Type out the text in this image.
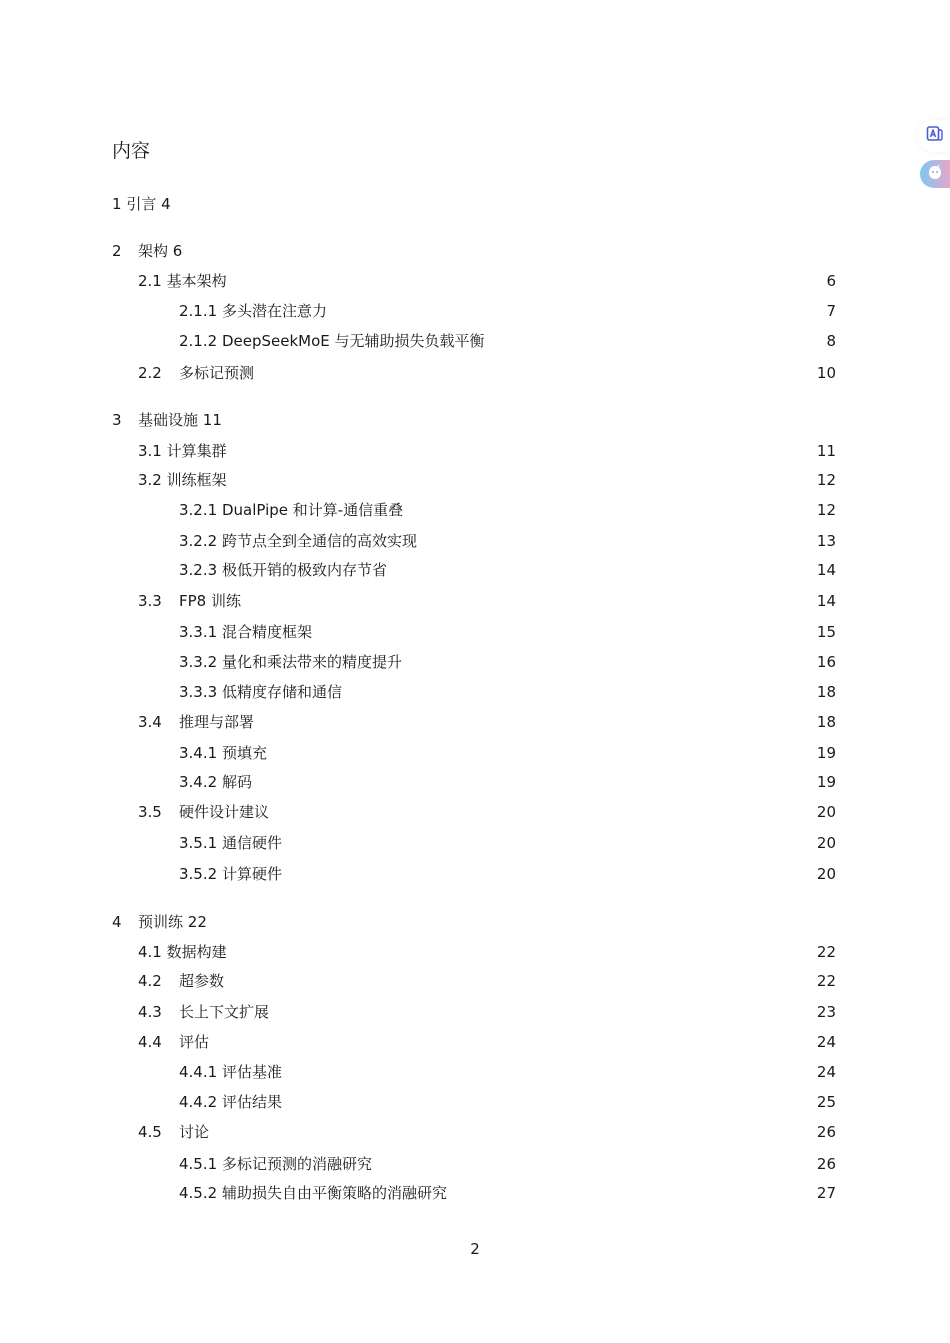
内容
1 引言 4
2 架构 6
2.1 基本架构	6
2.1.1 多头潜在注意力	7
2.1.2 DeepSeekMoE 与无辅助损失负载平衡	8
2.2 多标记预测	10
3 基础设施 11
3.1 计算集群	11
3.2 训练框架	12
3.2.1 DualPipe 和计算-通信重叠	12
3.2.2 跨节点全到全通信的高效实现	13
3.2.3 极低开销的极致内存节省	14
3.3 FP8 训练	14
3.3.1 混合精度框架	15
3.3.2 量化和乘法带来的精度提升	16
3.3.3 低精度存储和通信	18
3.4 推理与部署	18
3.4.1 预填充	19
3.4.2 解码	19
3.5 硬件设计建议	20
3.5.1 通信硬件	20
3.5.2 计算硬件	20
4 预训练 22
4.1 数据构建	22
4.2 超参数	22
4.3 长上下文扩展	23
4.4 评估	24
4.4.1 评估基准	24
4.4.2 评估结果	25
4.5 讨论	26
4.5.1 多标记预测的消融研究	26
4.5.2 辅助损失自由平衡策略的消融研究	27
2
